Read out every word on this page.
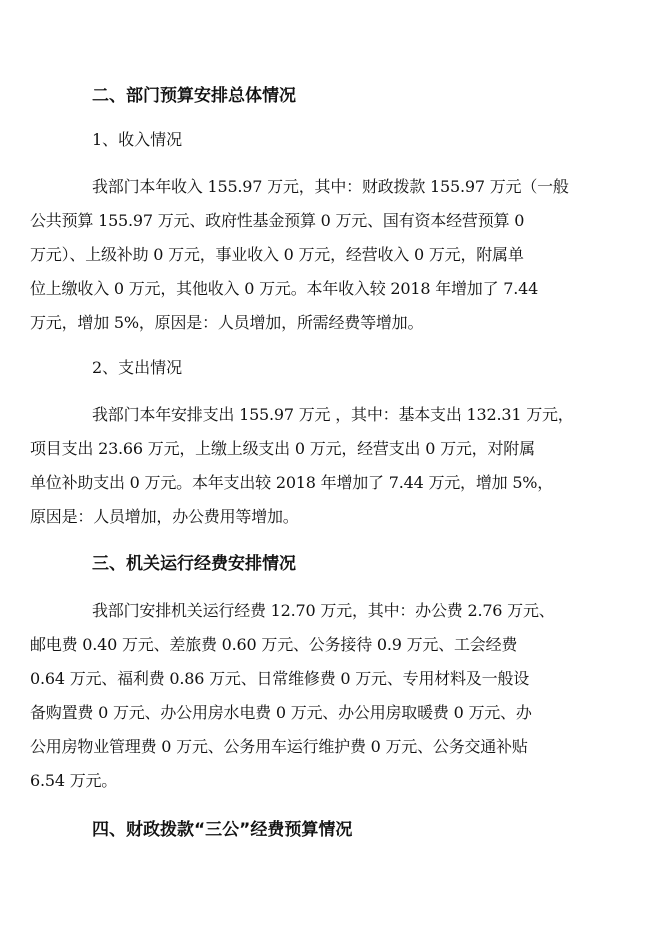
二、部门预算安排总体情况

1、收入情况

我部门本年收入 155.97 万元，其中：财政拨款 155.97 万元（一般
公共预算 155.97 万元、政府性基金预算 0 万元、国有资本经营预算 0
万元）、上级补助 0 万元，事业收入 0 万元，经营收入 0 万元，附属单
位上缴收入 0 万元，其他收入 0 万元。本年收入较 2018 年增加了 7.44
万元，增加 5%，原因是：人员增加，所需经费等增加。

2、支出情况

我部门本年安排支出 155.97 万元 ，其中：基本支出 132.31 万元，
项目支出 23.66 万元，上缴上级支出 0 万元，经营支出 0 万元，对附属
单位补助支出 0 万元。本年支出较 2018 年增加了 7.44 万元，增加 5%，
原因是：人员增加，办公费用等增加。
三、机关运行经费安排情况
我部门安排机关运行经费 12.70 万元，其中：办公费 2.76 万元、
邮电费 0.40 万元、差旅费 0.60 万元、公务接待 0.9 万元、工会经费
0.64 万元、福利费 0.86 万元、日常维修费 0 万元、专用材料及一般设
备购置费 0 万元、办公用房水电费 0 万元、办公用房取暖费 0 万元、办
公用房物业管理费 0 万元、公务用车运行维护费 0 万元、公务交通补贴
6.54 万元。
四、财政拨款“三公”经费预算情况
